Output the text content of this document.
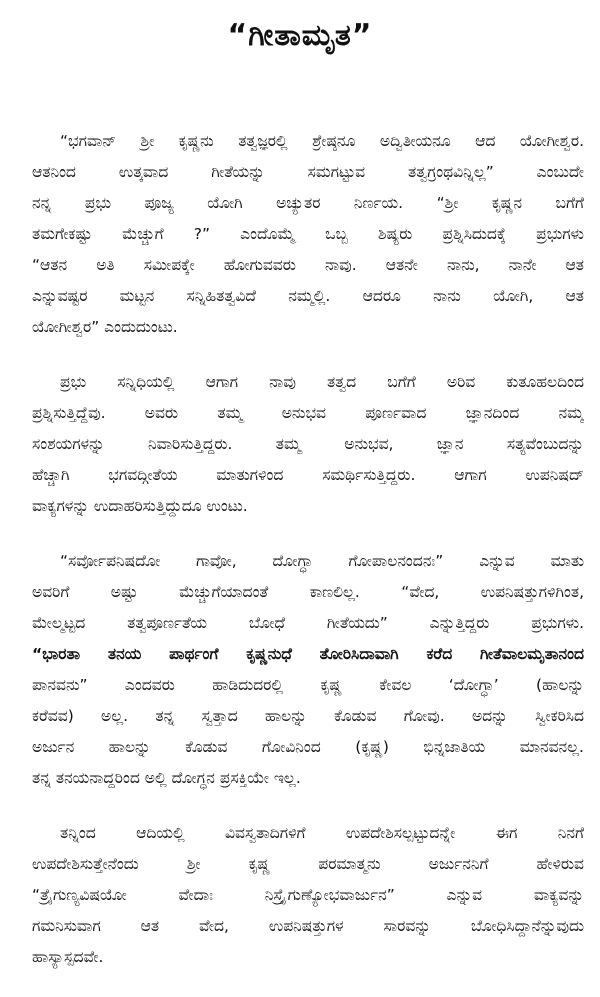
“ಗೀತಾಮೃತ”
“ಭಗವಾನ್ ಶ್ರೀ ಕೃಷ್ಣನು ತತ್ವಜ್ಞರಲ್ಲಿ ಶ್ರೇಷ್ಠನೂ ಅದ್ವಿತೀಯನೂ ಆದ ಯೋಗೀಶ್ವರ.
ಆತನಿಂದ ಉತ್ಕವಾದ ಗೀತೆಯನ್ನು ಸಮಗಟ್ಟುವ ತತ್ವಗ್ರಂಥವಿನ್ನಿಲ್ಲ” ಎಂಬುದೇ
ನನ್ನ ಪ್ರಭು ಪೂಜ್ಯ ಯೋಗಿ ಅಚ್ಯುತರ ನಿರ್ಣಯ. “ಶ್ರೀ ಕೃಷ್ಣನ ಬಗೆಗೆ
ತಮಗೇಕಷ್ಟು ಮೆಚ್ಚುಗೆ ?” ಎಂದೊಮ್ಮೆ ಒಬ್ಬ ಶಿಷ್ಯರು ಪ್ರಶ್ನಿಸಿದುದಕ್ಕೆ ಪ್ರಭುಗಳು
“ಆತನ ಅತಿ ಸಮೀಪಕ್ಕೇ ಹೋಗುವವರು ನಾವು. ಆತನೇ ನಾನು, ನಾನೇ ಆತ
ಎನ್ನುವಷ್ಟರ ಮಟ್ಟನ ಸನ್ನಿಹಿತತ್ವವಿದೆ ನಮ್ಮಲ್ಲಿ. ಆದರೂ ನಾನು ಯೋಗಿ, ಆತ
ಯೋಗೀಶ್ವರ” ಎಂದುದುಂಟು.
ಪ್ರಭು ಸನ್ನಿಧಿಯಲ್ಲಿ ಆಗಾಗ ನಾವು ತತ್ವದ ಬಗೆಗೆ ಅರಿವ ಕುತೂಹಲದಿಂದ
ಪ್ರಶ್ನಿಸುತ್ತಿದ್ದೆವು. ಅವರು ತಮ್ಮ ಅನುಭವ ಪೂರ್ಣವಾದ ಜ್ಞಾನದಿಂದ ನಮ್ಮ
ಸಂಶಯಗಳನ್ನು ನಿವಾರಿಸುತ್ತಿದ್ದರು. ತಮ್ಮ ಅನುಭವ, ಜ್ಞಾನ ಸತ್ಯವೆಂಬುದನ್ನು
ಹೆಚ್ಚಾಗಿ ಭಗವದ್ಗೀತೆಯ ಮಾತುಗಳಿಂದ ಸಮರ್ಥಿಸುತ್ತಿದ್ದರು. ಆಗಾಗ ಉಪನಿಷದ್
ವಾಕ್ಯಗಳನ್ನು ಉದಾಹರಿಸುತ್ತಿದ್ದುದೂ ಉಂಟು.
“ಸರ್ವೋಪನಿಷದೋ ಗಾವೋ, ದೋಗ್ಧಾ ಗೋಪಾಲನಂದನಃ” ಎನ್ನುವ ಮಾತು
ಅವರಿಗೆ ಅಷ್ಟು ಮೆಚ್ಚುಗೆಯಾದಂತೆ ಕಾಣಲಿಲ್ಲ. “ವೇದ, ಉಪನಿಷತ್ತುಗಳಿಗಿಂತ,
ಮೇಲ್ಮಟ್ಟದ ತತ್ವಪೂರ್ಣತೆಯ ಬೋಧೆ ಗೀತೆಯದು” ಎನ್ನುತ್ತಿದ್ದರು ಪ್ರಭುಗಳು.
“ಭಾರತಾ ತನಯ ಪಾರ್ಥಂಗೆ ಕೃಷ್ಣನುಧೆ ತೋರಿಸಿದಾವಾಗಿ ಕರೆದ ಗೀತೆವಾಲಮೃತಾನಂದ
ಪಾನವನು” ಎಂದವರು ಹಾಡಿದುದರಲ್ಲಿ ಕೃಷ್ಣ ಕೇವಲ ‘ದೋಗ್ಧಾ’ (ಹಾಲನ್ನು
ಕರೆವವ) ಅಲ್ಲ. ತನ್ನ ಸ್ವತ್ತಾದ ಹಾಲನ್ನು ಕೊಡುವ ಗೋವು. ಅದನ್ನು ಸ್ವೀಕರಿಸಿದ
ಅರ್ಜುನ ಹಾಲನ್ನು ಕೊಡುವ ಗೋವಿನಿಂದ (ಕೃಷ್ಣ) ಭಿನ್ನಜಾತಿಯ ಮಾನವನಲ್ಲ.
ತನ್ನ ತನಯನಾದ್ದರಿಂದ ಅಲ್ಲಿ ದೋಗ್ಧನ ಪ್ರಸಕ್ತಿಯೇ ಇಲ್ಲ.
ತನ್ನಿಂದ ಆದಿಯಲ್ಲಿ ವಿವಸ್ವತಾದಿಗಳಿಗೆ ಉಪದೇಶಿಸಲ್ಪಟ್ಟುದನ್ನೇ ಈಗ ನಿನಗೆ
ಉಪದೇಶಿಸುತ್ತೇನೆಂದು ಶ್ರೀ ಕೃಷ್ಣ ಪರಮಾತ್ಮನು ಅರ್ಜುನನಿಗೆ ಹೇಳಿರುವ
“ತ್ರೈಗುಣ್ಯವಿಷಯೋ ವೇದಾಃ ನಿಸ್ತ್ರೈಗುಣ್ಯೋಭವಾರ್ಜುನ” ಎನ್ನುವ ವಾಕ್ಯವನ್ನು
ಗಮನಿಸುವಾಗ ಆತ ವೇದ, ಉಪನಿಷತ್ತುಗಳ ಸಾರವನ್ನು ಬೋಧಿಸಿದ್ದಾನೆನ್ನುವುದು
ಹಾಸ್ಯಾಸ್ಪದವೇ.
